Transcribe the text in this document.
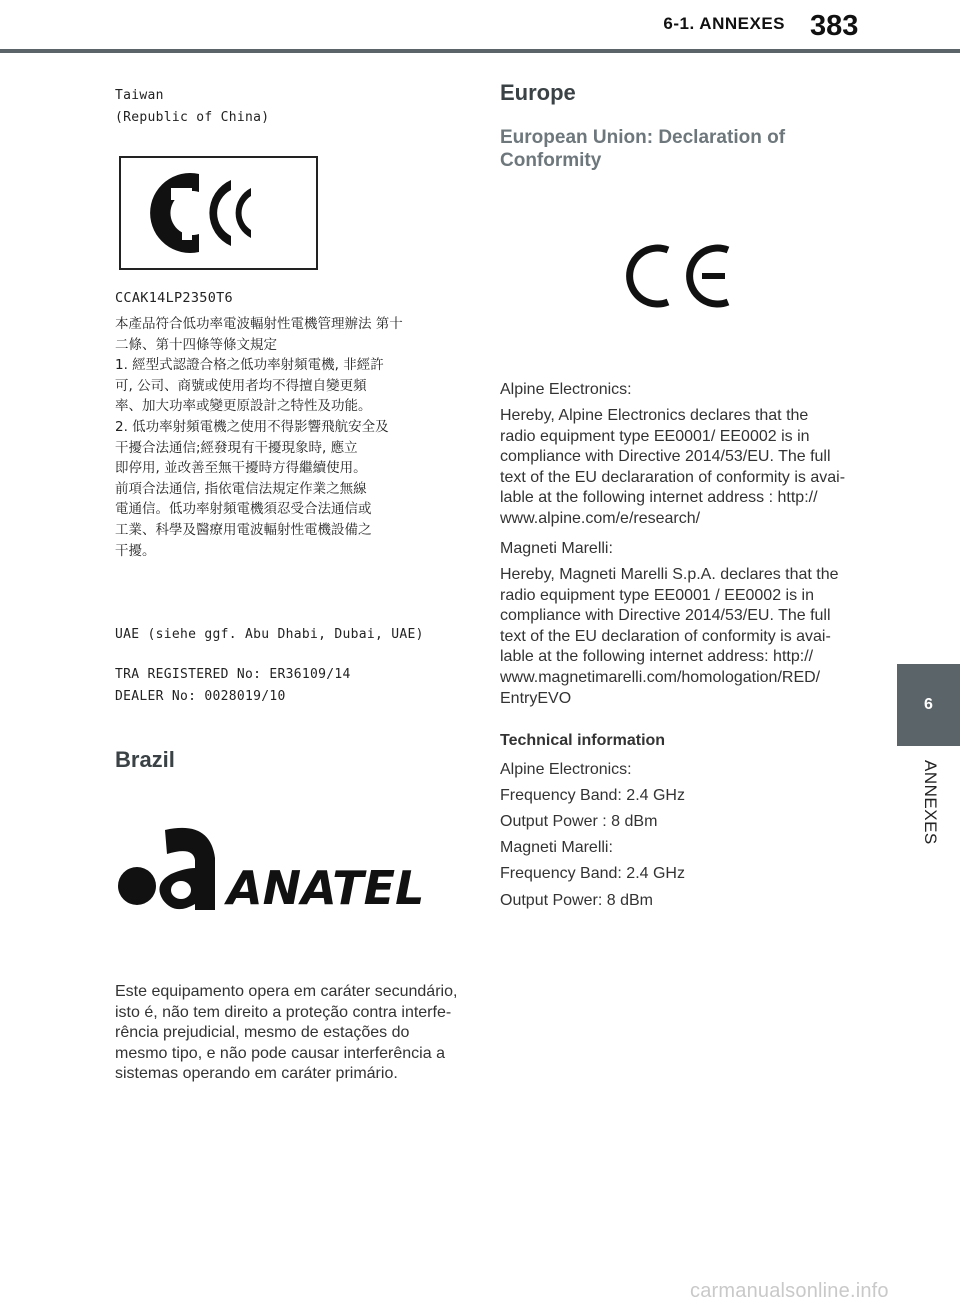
6-1. ANNEXES 383
Taiwan
(Republic of China)
CCAK14LP2350T6
本產品符合低功率電波輻射性電機管理辦法 第十
二條、第十四條等條文規定
1. 經型式認證合格之低功率射頻電機, 非經許
可, 公司、商號或使用者均不得擅自變更頻
率、加大功率或變更原設計之特性及功能。
2. 低功率射頻電機之使用不得影響飛航安全及
干擾合法通信;經發現有干擾現象時, 應立
即停用, 並改善至無干擾時方得繼續使用。
前項合法通信, 指依電信法規定作業之無線
電通信。低功率射頻電機須忍受合法通信或
工業、科學及醫療用電波輻射性電機設備之
干擾。
UAE (siehe ggf. Abu Dhabi, Dubai, UAE)
TRA REGISTERED No: ER36109/14
DEALER No: 0028019/10
Brazil
ANATEL
Este equipamento opera em caráter secundário,
isto é, não tem direito a proteção contra interfe-
rência prejudicial, mesmo de estações do
mesmo tipo, e não pode causar interferência a
sistemas operando em caráter primário.
Europe
European Union: Declaration of
Conformity
Alpine Electronics:
Hereby, Alpine Electronics declares that the
radio equipment type EE0001/ EE0002 is in
compliance with Directive 2014/53/EU. The full
text of the EU declararation of conformity is avai-
lable at the following internet address : http://
www.alpine.com/e/research/
Magneti Marelli:
Hereby, Magneti Marelli S.p.A. declares that the
radio equipment type EE0001 / EE0002 is in
compliance with Directive 2014/53/EU. The full
text of the EU declaration of conformity is avai-
lable at the following internet address: http://
www.magnetimarelli.com/homologation/RED/
EntryEVO
Technical information
Alpine Electronics:
Frequency Band: 2.4 GHz
Output Power : 8 dBm
Magneti Marelli:
Frequency Band: 2.4 GHz
Output Power: 8 dBm
6
ANNEXES
carmanualsonline.info
